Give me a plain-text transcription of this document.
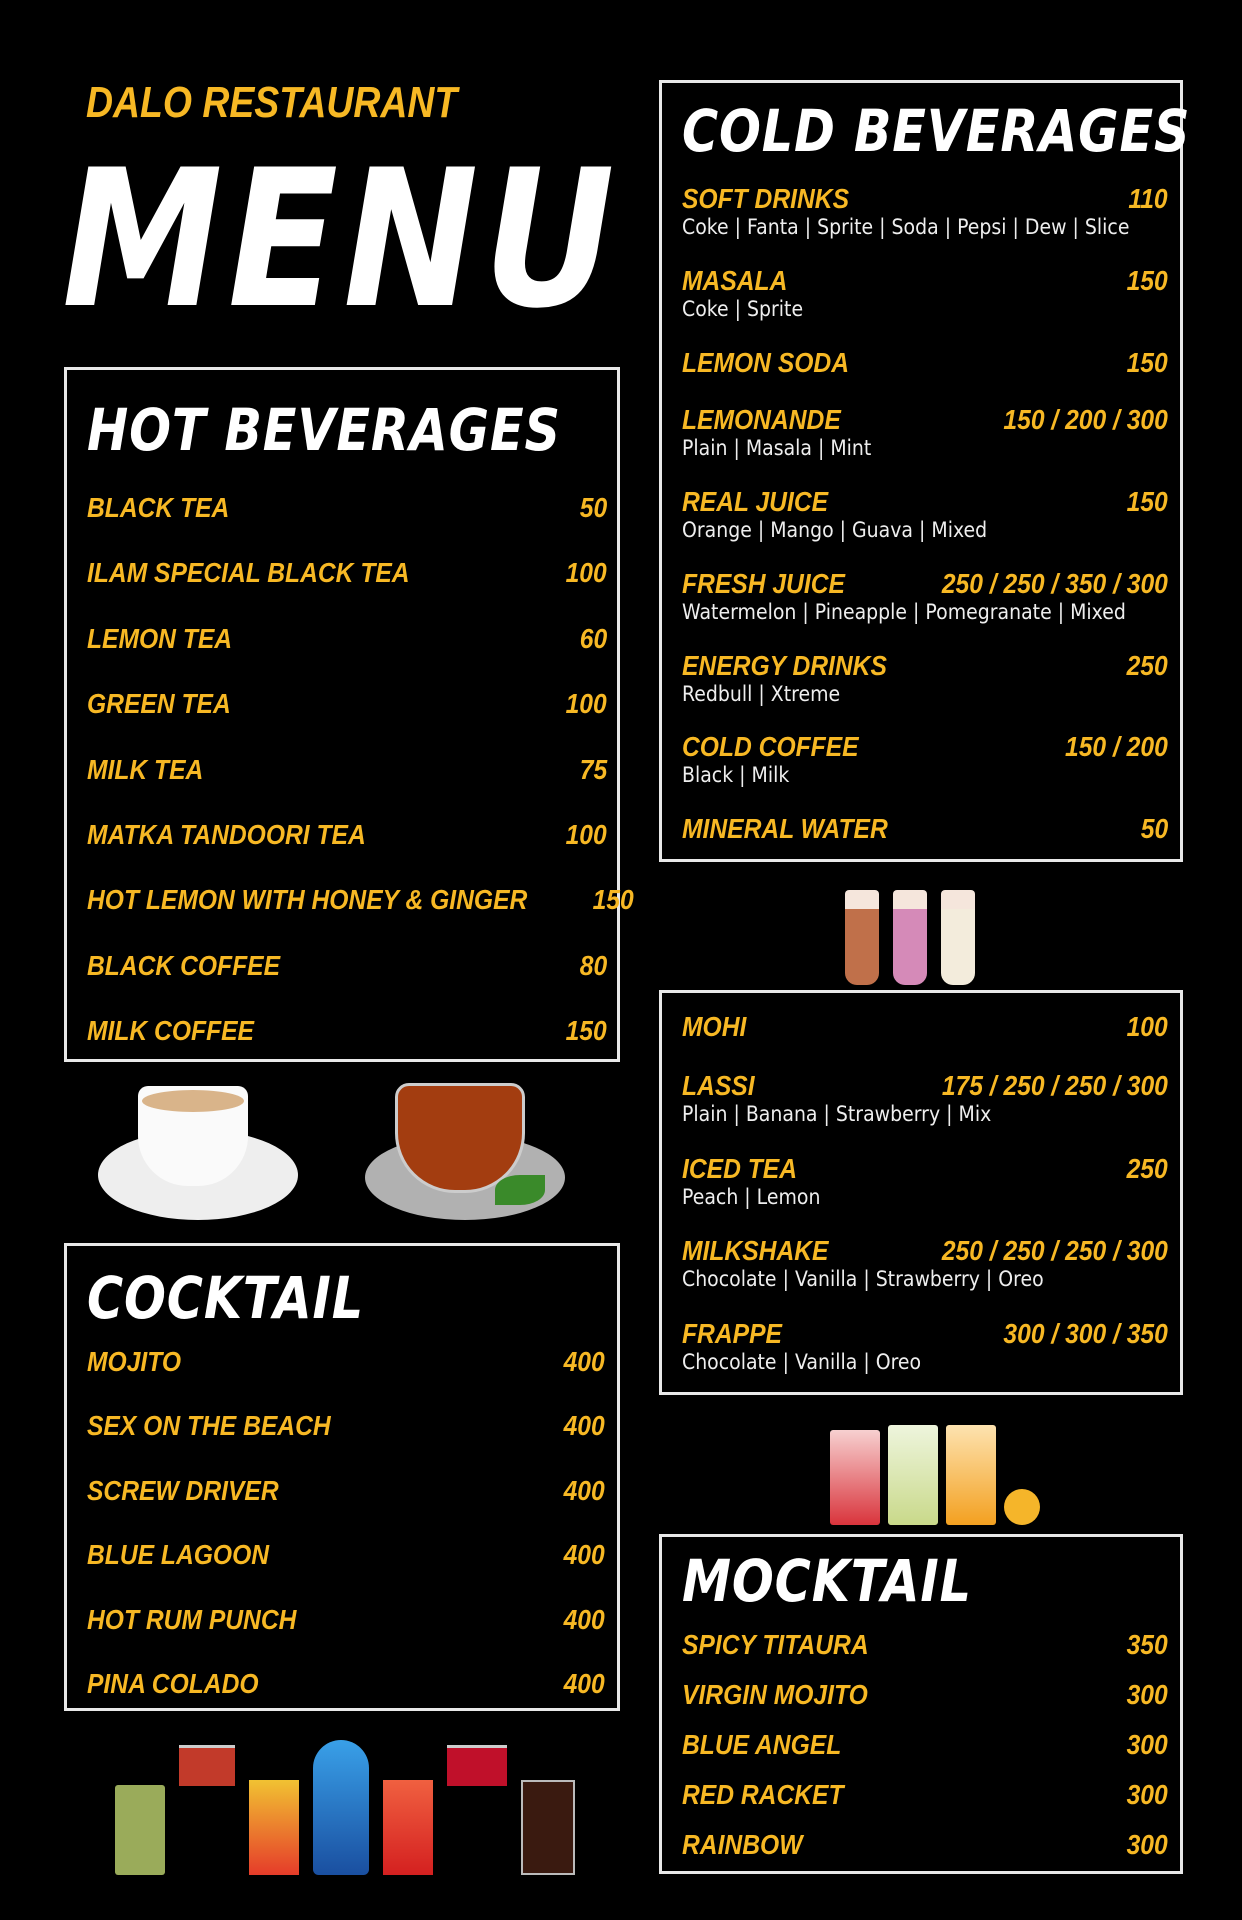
DALO RESTAURANT
MENU
HOT BEVERAGES
BLACK TEA	50
ILAM SPECIAL BLACK TEA	100
LEMON TEA	60
GREEN TEA	100
MILK TEA	75
MATKA TANDOORI TEA	100
HOT LEMON WITH HONEY & GINGER 150
BLACK COFFEE	80
MILK COFFEE	150
COCKTAIL
MOJITO	400
SEX ON THE BEACH	400
SCREW DRIVER	400
BLUE LAGOON	400
HOT RUM PUNCH	400
PINA COLADO	400
COLD BEVERAGES
SOFT DRINKS	110
Coke | Fanta | Sprite | Soda | Pepsi | Dew | Slice
MASALA	150
Coke | Sprite
LEMON SODA	150
LEMONANDE	150 / 200 / 300
Plain | Masala | Mint
REAL JUICE	150
Orange | Mango | Guava | Mixed
FRESH JUICE	250 / 250 / 350 / 300
Watermelon | Pineapple | Pomegranate | Mixed
ENERGY DRINKS	250
Redbull | Xtreme
COLD COFFEE	150 / 200
Black | Milk
MINERAL WATER	50
MOHI	100
LASSI	175 / 250 / 250 / 300
Plain | Banana | Strawberry | Mix
ICED TEA	250
Peach | Lemon
MILKSHAKE	250 / 250 / 250 / 300
Chocolate | Vanilla | Strawberry | Oreo
FRAPPE	300 / 300 / 350
Chocolate | Vanilla | Oreo
MOCKTAIL
SPICY TITAURA	350
VIRGIN MOJITO	300
BLUE ANGEL	300
RED RACKET	300
RAINBOW	300
